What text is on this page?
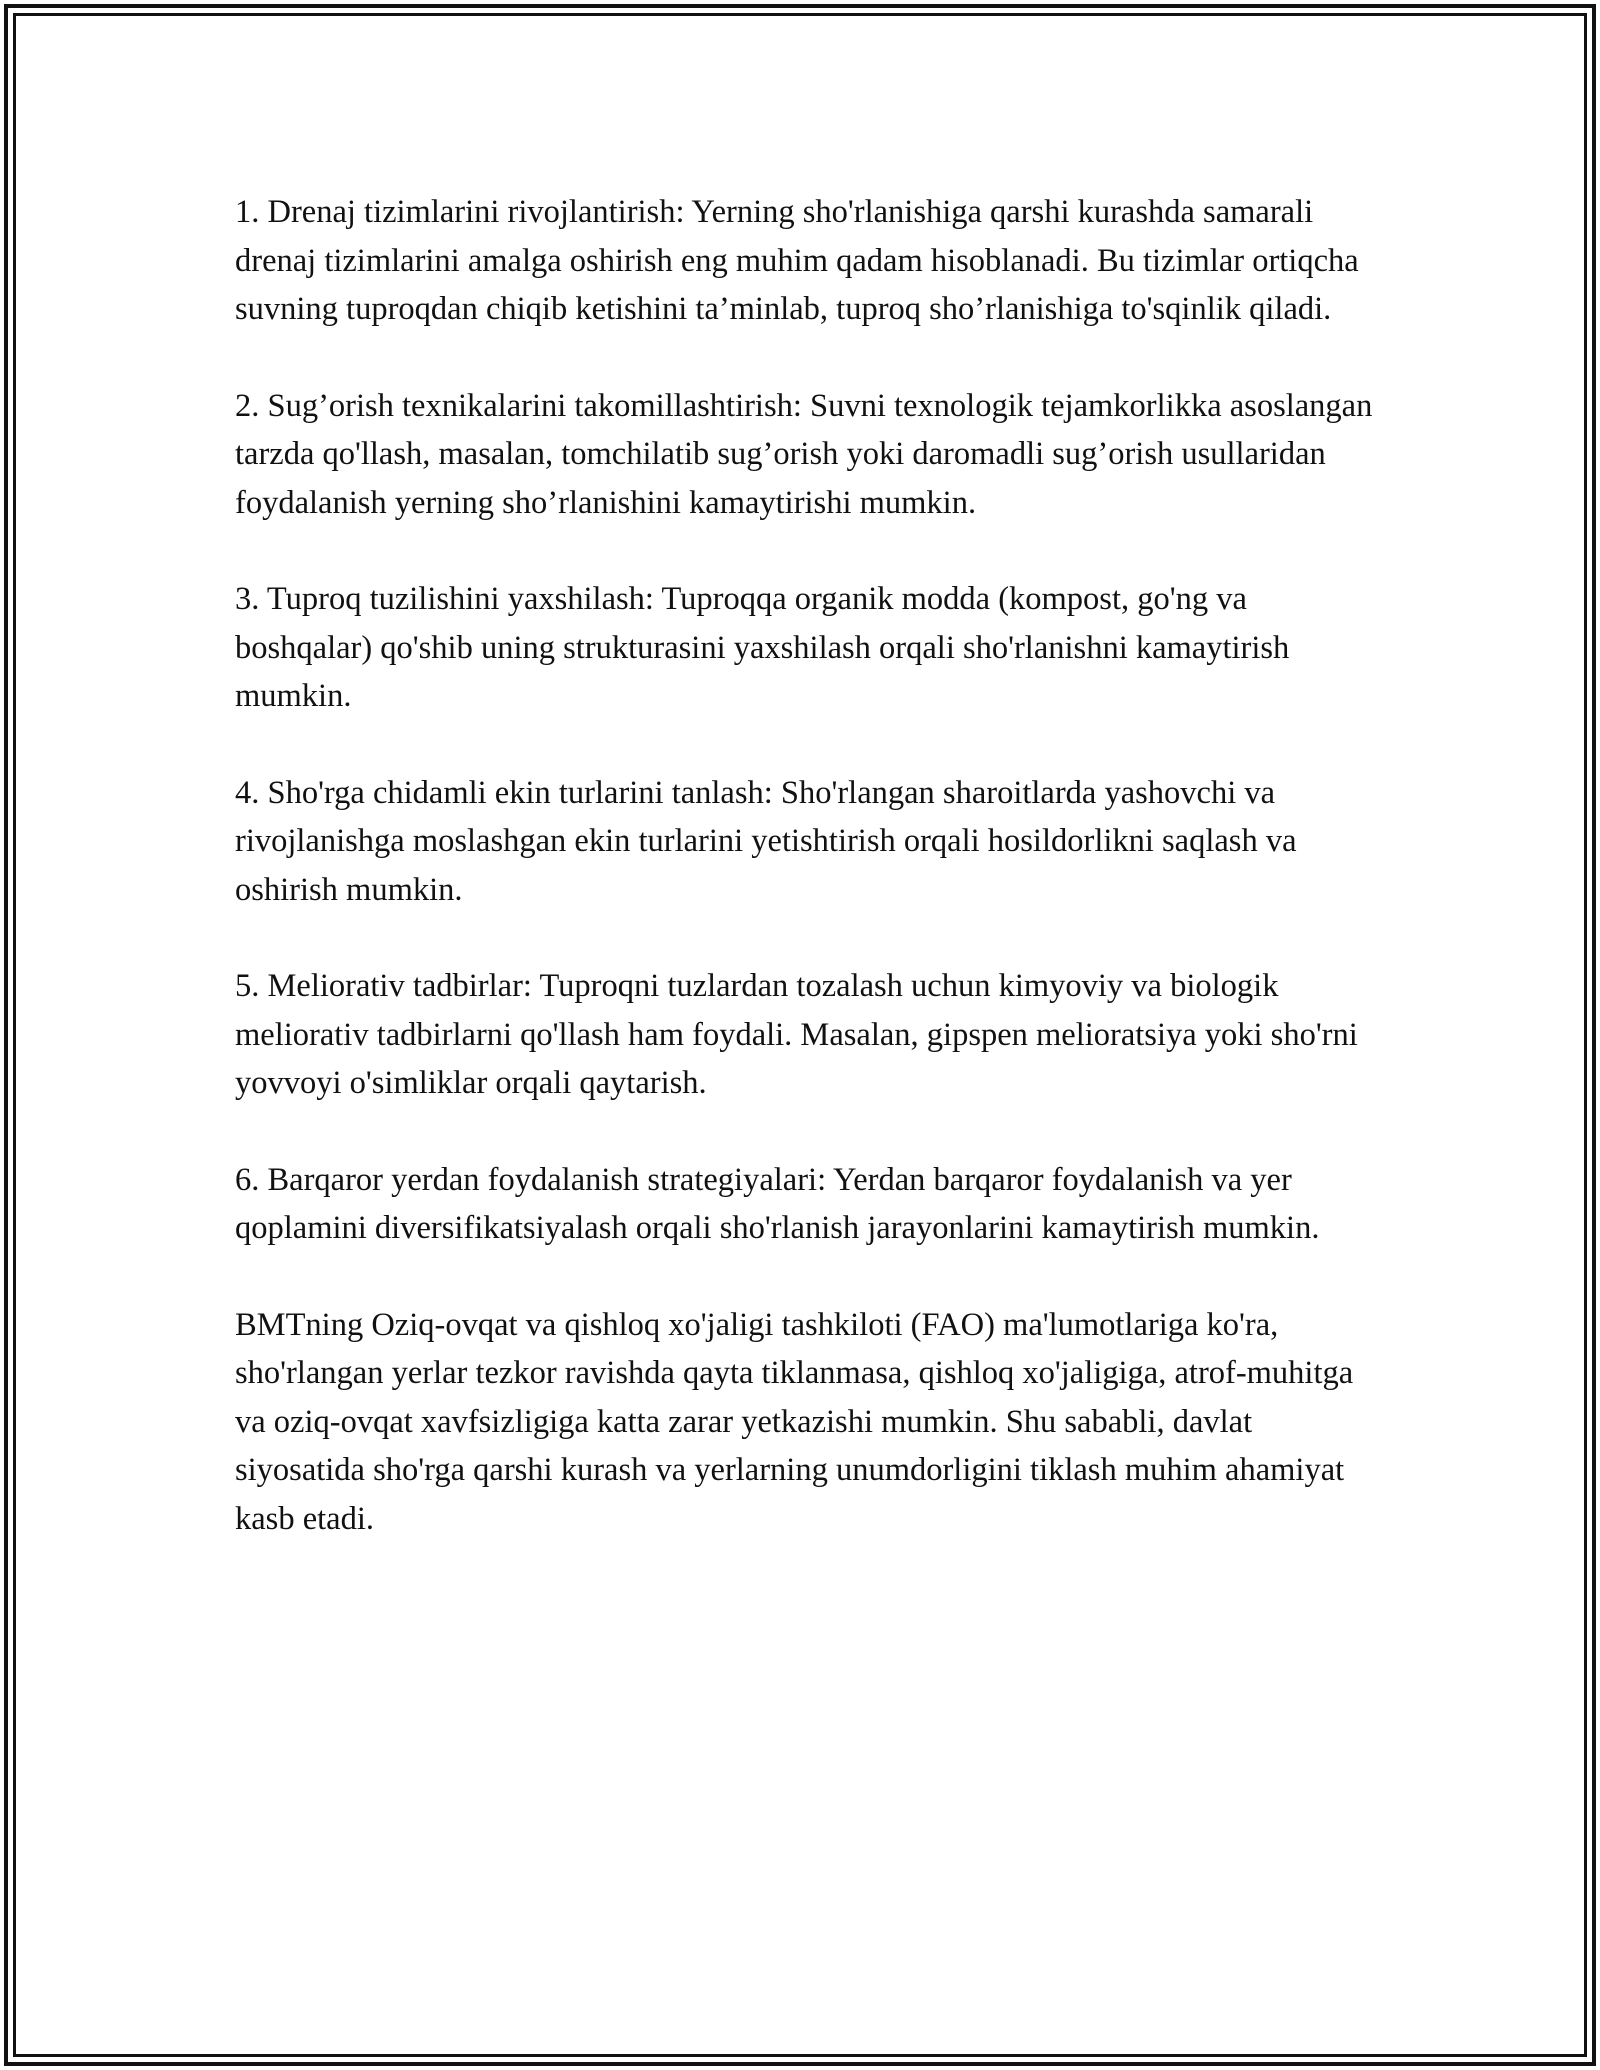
1. Drenaj tizimlarini rivojlantirish: Yerning sho'rlanishiga qarshi kurashda samarali drenaj tizimlarini amalga oshirish eng muhim qadam hisoblanadi. Bu tizimlar ortiqcha suvning tuproqdan chiqib ketishini ta’minlab, tuproq sho’rlanishiga to'sqinlik qiladi.

2. Sug’orish texnikalarini takomillashtirish: Suvni texnologik tejamkorlikka asoslangan tarzda qo'llash, masalan, tomchilatib sug’orish yoki daromadli sug’orish usullaridan foydalanish yerning sho’rlanishini kamaytirishi mumkin.

3. Tuproq tuzilishini yaxshilash: Tuproqqa organik modda (kompost, go'ng va boshqalar) qo'shib uning strukturasini yaxshilash orqali sho'rlanishni kamaytirish mumkin.

4. Sho'rga chidamli ekin turlarini tanlash: Sho'rlangan sharoitlarda yashovchi va rivojlanishga moslashgan ekin turlarini yetishtirish orqali hosildorlikni saqlash va oshirish mumkin.

5. Meliorativ tadbirlar: Tuproqni tuzlardan tozalash uchun kimyoviy va biologik meliorativ tadbirlarni qo'llash ham foydali. Masalan, gipspen melioratsiya yoki sho'rni yovvoyi o'simliklar orqali qaytarish.

6. Barqaror yerdan foydalanish strategiyalari: Yerdan barqaror foydalanish va yer qoplamini diversifikatsiyalash orqali sho'rlanish jarayonlarini kamaytirish mumkin.

BMTning Oziq-ovqat va qishloq xo'jaligi tashkiloti (FAO) ma'lumotlariga ko'ra, sho'rlangan yerlar tezkor ravishda qayta tiklanmasa, qishloq xo'jaligiga, atrof-muhitga va oziq-ovqat xavfsizligiga katta zarar yetkazishi mumkin. Shu sababli, davlat siyosatida sho'rga qarshi kurash va yerlarning unumdorligini tiklash muhim ahamiyat kasb etadi.
